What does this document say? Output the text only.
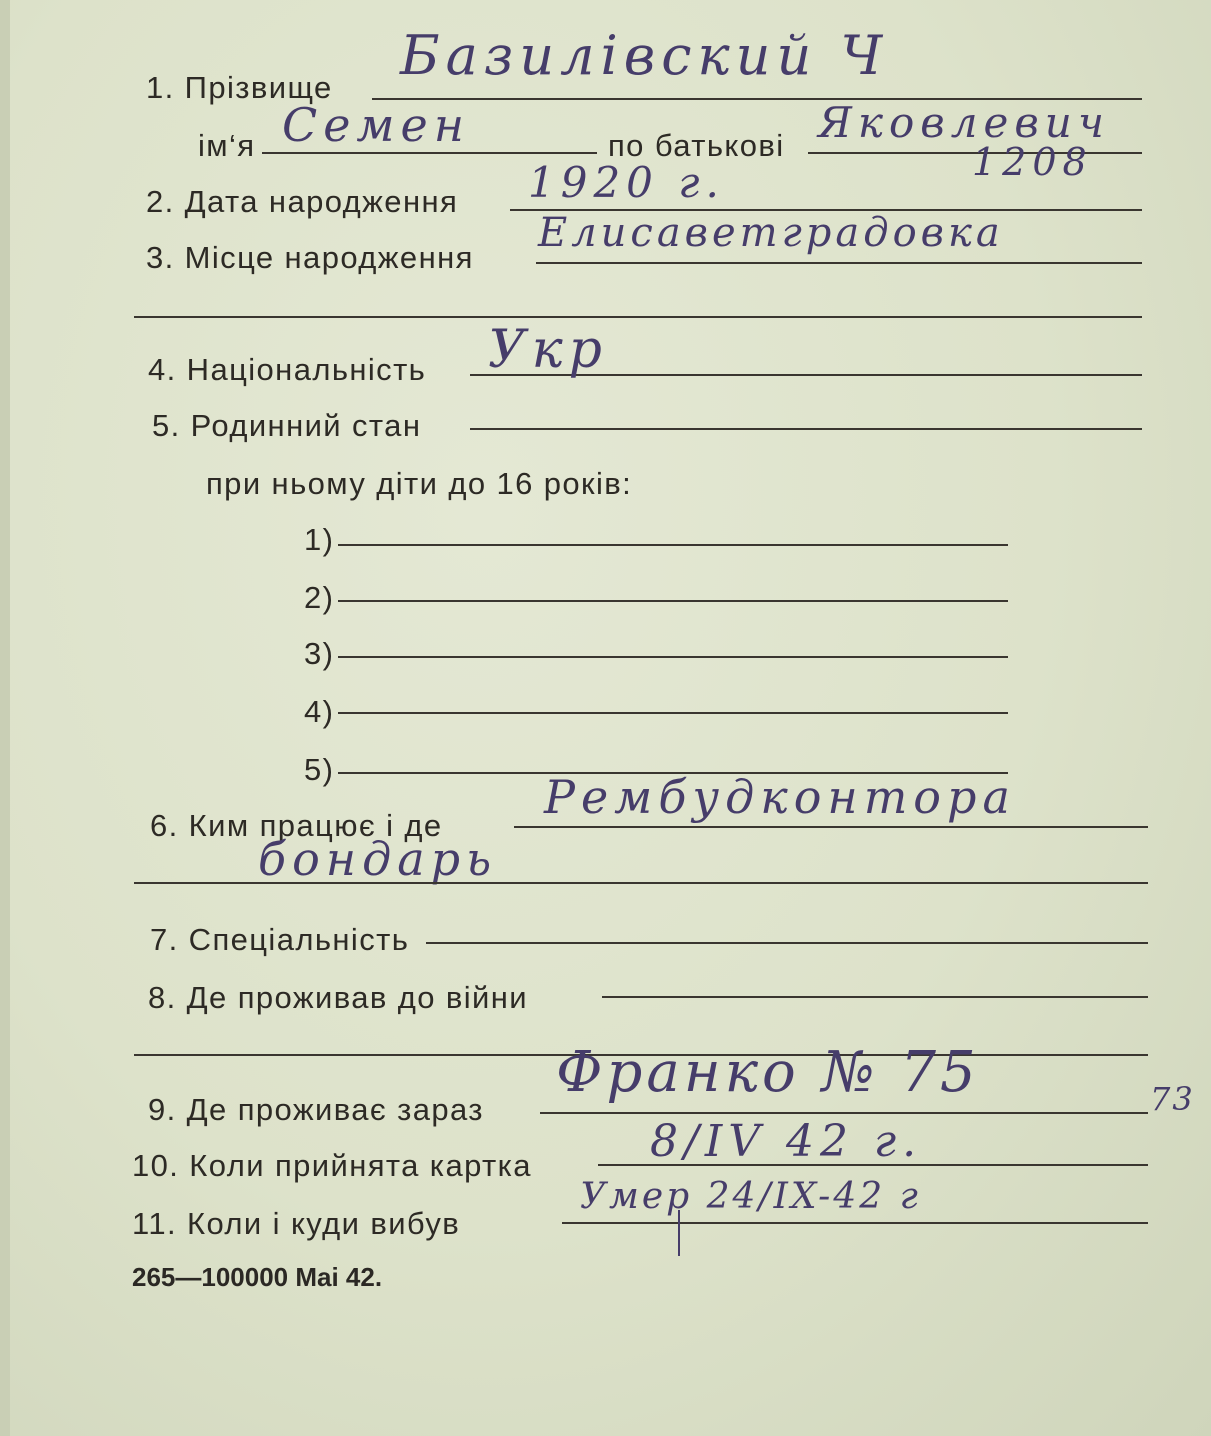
1. Прізвище
Базилівский Ч
ім‘я Семен	по батькові Яковлевич
2. Дата народження 1920 г.	1208
3. Місце народження
Елисаветградовка
4. Національність Укр
5. Родинний стан
при ньому діти до 16 років:
1)
2)
3)
4)
5)
6. Ким працює і де
Рембудконтора
бондарь
7. Спеціальність
8. Де проживав до війни
9. Де проживає зараз
Франко № 75	73
10. Коли прийнята картка	8/IV 42 г.
11. Коли і куди вибув
Умер 24/IX-42 г
265—100000 Mai 42.
